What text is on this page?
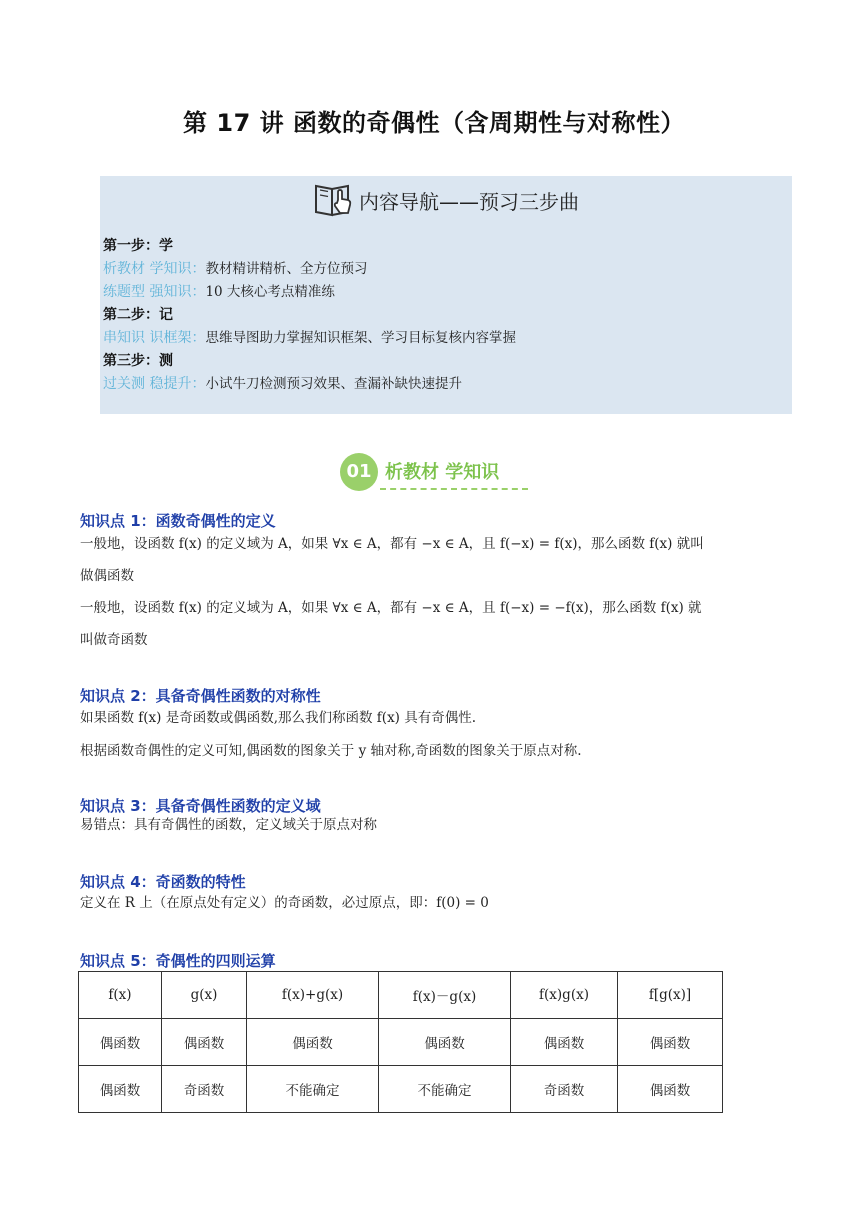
第 17 讲 函数的奇偶性（含周期性与对称性）
内容导航——预习三步曲
第一步：学
析教材 学知识：教材精讲精析、全方位预习
练题型 强知识：10 大核心考点精准练
第二步：记
串知识 识框架：思维导图助力掌握知识框架、学习目标复核内容掌握
第三步：测
过关测 稳提升：小试牛刀检测预习效果、查漏补缺快速提升
01 析教材 学知识
知识点 1：函数奇偶性的定义
一般地，设函数 f(x) 的定义域为 A，如果 ∀x ∈ A，都有 −x ∈ A，且 f(−x) = f(x)，那么函数 f(x) 就叫
做偶函数
一般地，设函数 f(x) 的定义域为 A，如果 ∀x ∈ A，都有 −x ∈ A，且 f(−x) = −f(x)，那么函数 f(x) 就
叫做奇函数
知识点 2：具备奇偶性函数的对称性
如果函数 f(x) 是奇函数或偶函数,那么我们称函数 f(x) 具有奇偶性.
根据函数奇偶性的定义可知,偶函数的图象关于 y 轴对称,奇函数的图象关于原点对称.
知识点 3：具备奇偶性函数的定义域
易错点：具有奇偶性的函数，定义域关于原点对称
知识点 4：奇函数的特性
定义在 R 上（在原点处有定义）的奇函数，必过原点，即：f(0) = 0
知识点 5：奇偶性的四则运算
f(x)	g(x)	f(x)+g(x)	f(x)－g(x)	f(x)g(x)	f[g(x)]
偶函数	偶函数	偶函数	偶函数	偶函数	偶函数
偶函数	奇函数	不能确定	不能确定	奇函数	偶函数
